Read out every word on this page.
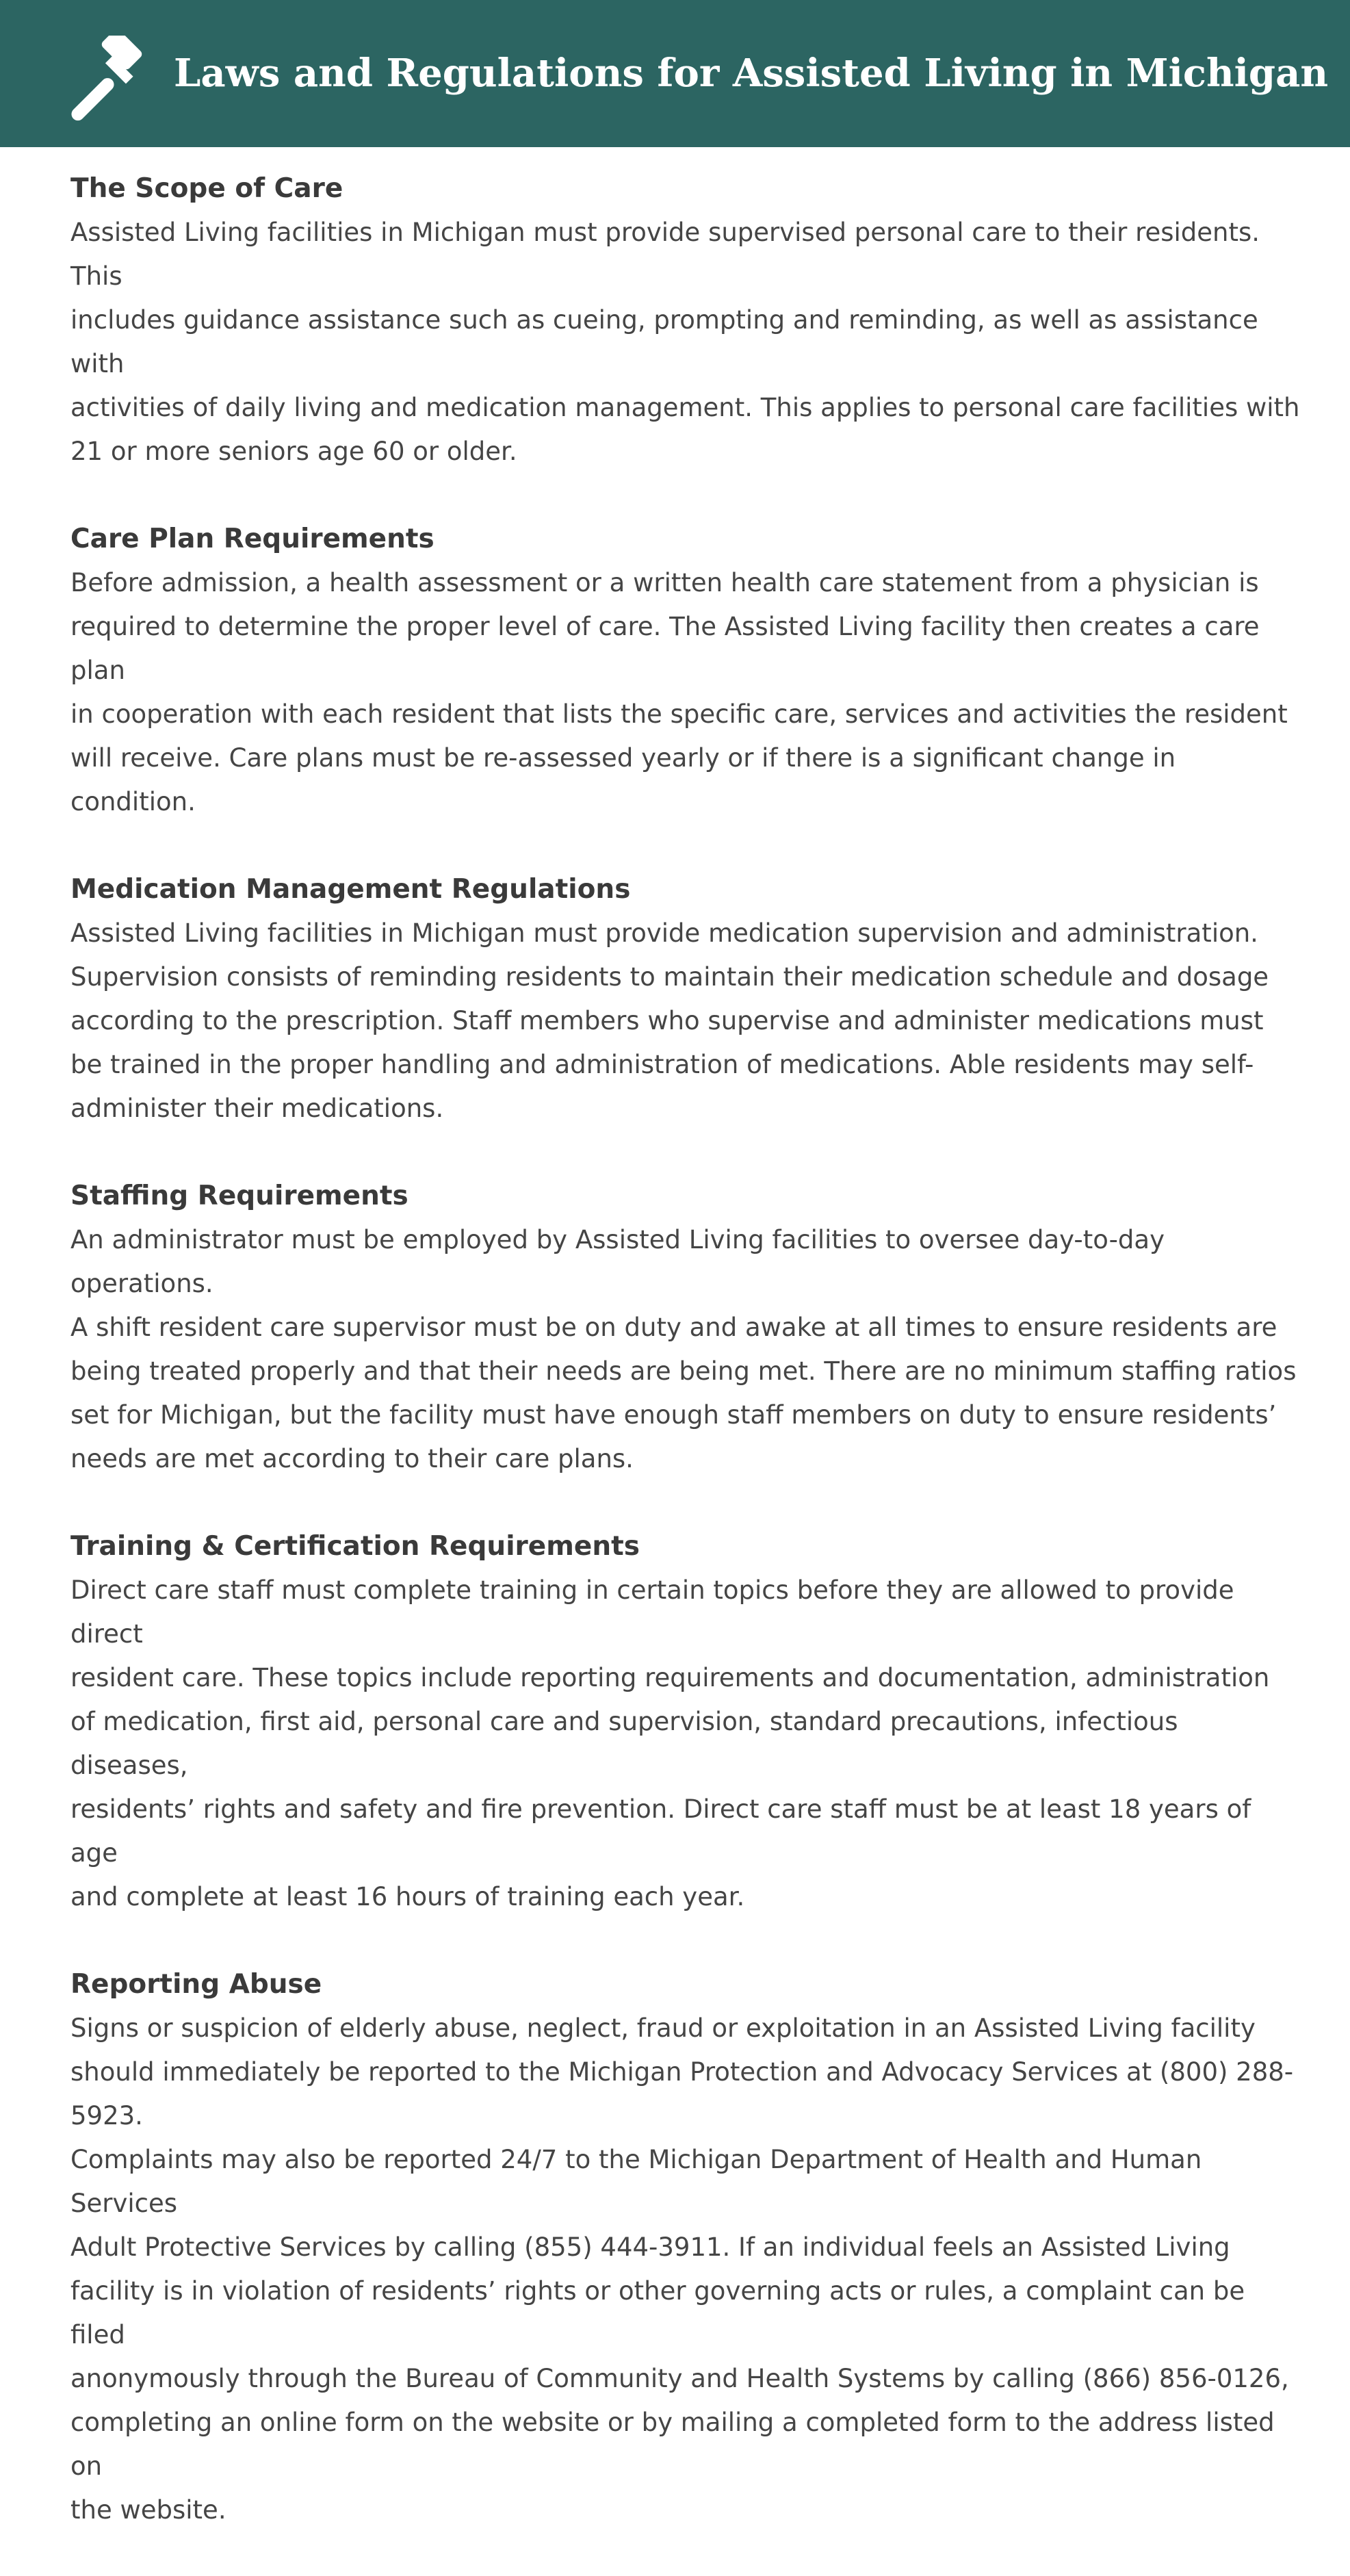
Laws and Regulations for Assisted Living in Michigan
The Scope of Care

Assisted Living facilities in Michigan must provide supervised personal care to their residents. This
includes guidance assistance such as cueing, prompting and reminding, as well as assistance with
activities of daily living and medication management. This applies to personal care facilities with
21 or more seniors age 60 or older.

Care Plan Requirements

Before admission, a health assessment or a written health care statement from a physician is
required to determine the proper level of care. The Assisted Living facility then creates a care plan
in cooperation with each resident that lists the specific care, services and activities the resident
will receive. Care plans must be re-assessed yearly or if there is a significant change in condition.

Medication Management Regulations

Assisted Living facilities in Michigan must provide medication supervision and administration.
Supervision consists of reminding residents to maintain their medication schedule and dosage
according to the prescription. Staff members who supervise and administer medications must
be trained in the proper handling and administration of medications. Able residents may self-
administer their medications.

Staffing Requirements

An administrator must be employed by Assisted Living facilities to oversee day-to-day operations.
A shift resident care supervisor must be on duty and awake at all times to ensure residents are
being treated properly and that their needs are being met. There are no minimum staffing ratios
set for Michigan, but the facility must have enough staff members on duty to ensure residents’
needs are met according to their care plans.

Training & Certification Requirements

Direct care staff must complete training in certain topics before they are allowed to provide direct
resident care. These topics include reporting requirements and documentation, administration
of medication, first aid, personal care and supervision, standard precautions, infectious diseases,
residents’ rights and safety and fire prevention. Direct care staff must be at least 18 years of age
and complete at least 16 hours of training each year.

Reporting Abuse

Signs or suspicion of elderly abuse, neglect, fraud or exploitation in an Assisted Living facility
should immediately be reported to the Michigan Protection and Advocacy Services at (800) 288-5923.
Complaints may also be reported 24/7 to the Michigan Department of Health and Human Services
Adult Protective Services by calling (855) 444-3911. If an individual feels an Assisted Living
facility is in violation of residents’ rights or other governing acts or rules, a complaint can be filed
anonymously through the Bureau of Community and Health Systems by calling (866) 856-0126,
completing an online form on the website or by mailing a completed form to the address listed on
the website.
